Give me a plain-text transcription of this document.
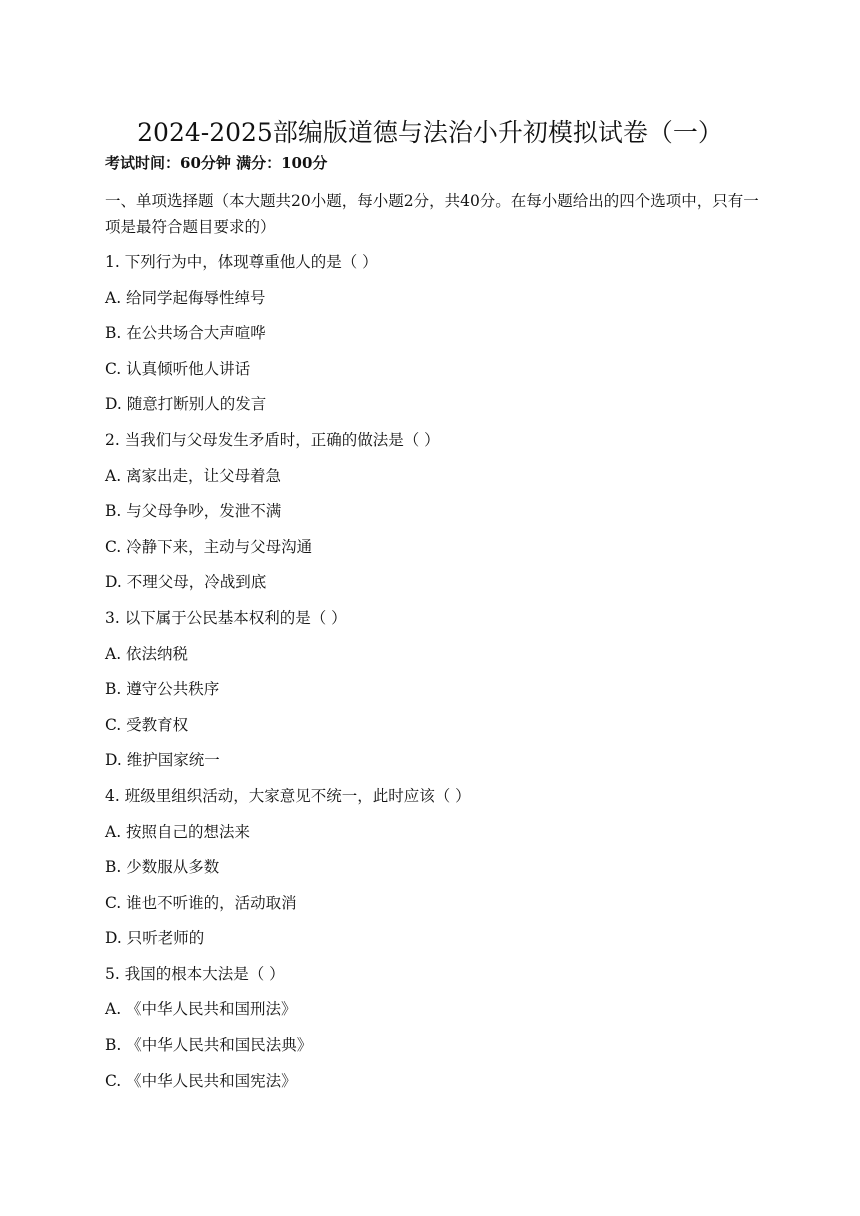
2024-2025部编版道德与法治小升初模拟试卷（一）
考试时间：60分钟 满分：100分
一、单项选择题（本大题共20小题，每小题2分，共40分。在每小题给出的四个选项中，只有一项是最符合题目要求的）
1. 下列行为中，体现尊重他人的是（ ）
A. 给同学起侮辱性绰号
B. 在公共场合大声喧哗
C. 认真倾听他人讲话
D. 随意打断别人的发言
2. 当我们与父母发生矛盾时，正确的做法是（ ）
A. 离家出走，让父母着急
B. 与父母争吵，发泄不满
C. 冷静下来，主动与父母沟通
D. 不理父母，冷战到底
3. 以下属于公民基本权利的是（ ）
A. 依法纳税
B. 遵守公共秩序
C. 受教育权
D. 维护国家统一
4. 班级里组织活动，大家意见不统一，此时应该（ ）
A. 按照自己的想法来
B. 少数服从多数
C. 谁也不听谁的，活动取消
D. 只听老师的
5. 我国的根本大法是（ ）
A. 《中华人民共和国刑法》
B. 《中华人民共和国民法典》
C. 《中华人民共和国宪法》
